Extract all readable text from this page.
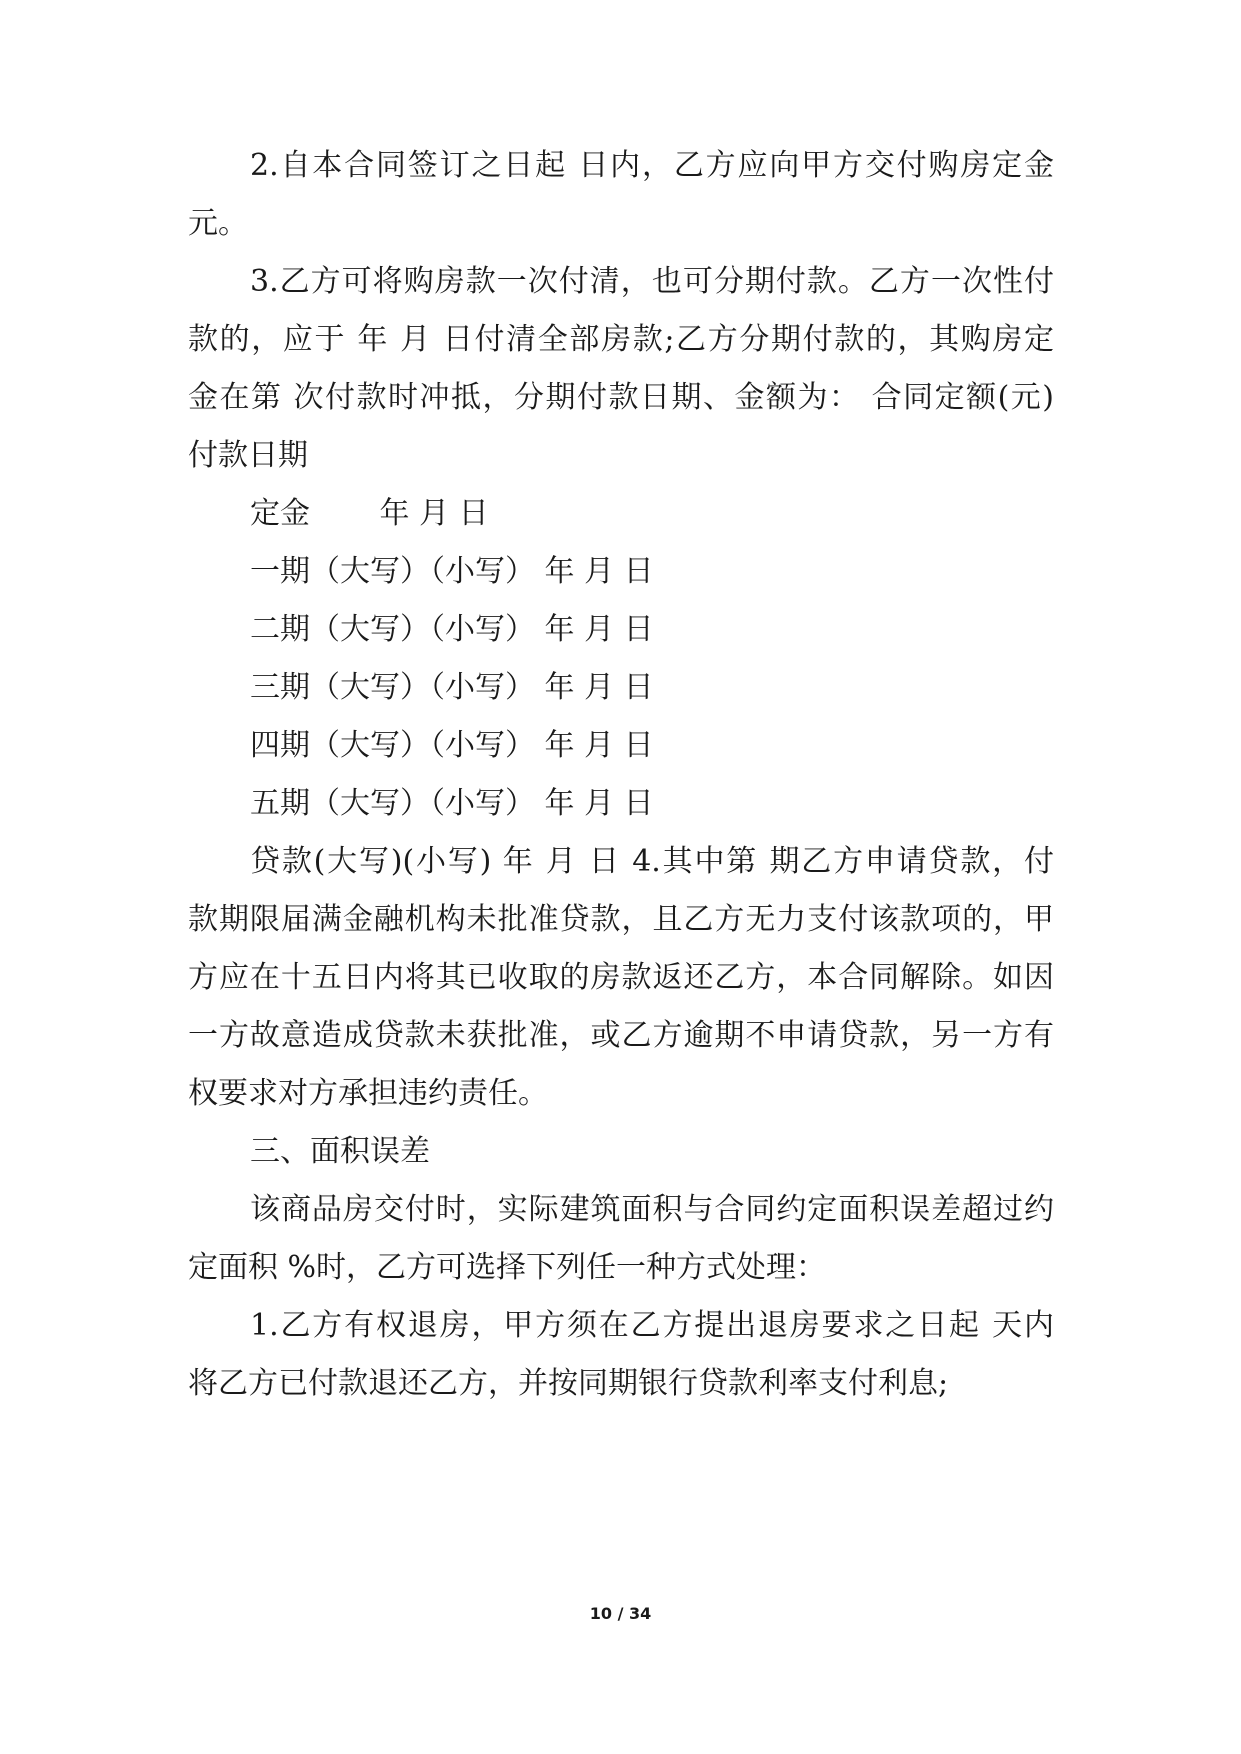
2.自本合同签订之日起 日内，乙方应向甲方交付购房定金
元。
3.乙方可将购房款一次付清，也可分期付款。乙方一次性付
款的，应于 年 月 日付清全部房款;乙方分期付款的，其购房定
金在第 次付款时冲抵，分期付款日期、金额为： 合同定额(元)
付款日期
定金　　 年 月 日
一期（大写）（小写） 年 月 日
二期（大写）（小写） 年 月 日
三期（大写）（小写） 年 月 日
四期（大写）（小写） 年 月 日
五期（大写）（小写） 年 月 日
贷款(大写)(小写) 年 月 日 4.其中第 期乙方申请贷款，付
款期限届满金融机构未批准贷款，且乙方无力支付该款项的，甲
方应在十五日内将其已收取的房款返还乙方，本合同解除。如因
一方故意造成贷款未获批准，或乙方逾期不申请贷款，另一方有
权要求对方承担违约责任。
三、面积误差
该商品房交付时，实际建筑面积与合同约定面积误差超过约
定面积 %时，乙方可选择下列任一种方式处理：
1.乙方有权退房，甲方须在乙方提出退房要求之日起 天内
将乙方已付款退还乙方，并按同期银行贷款利率支付利息;
10 / 34
